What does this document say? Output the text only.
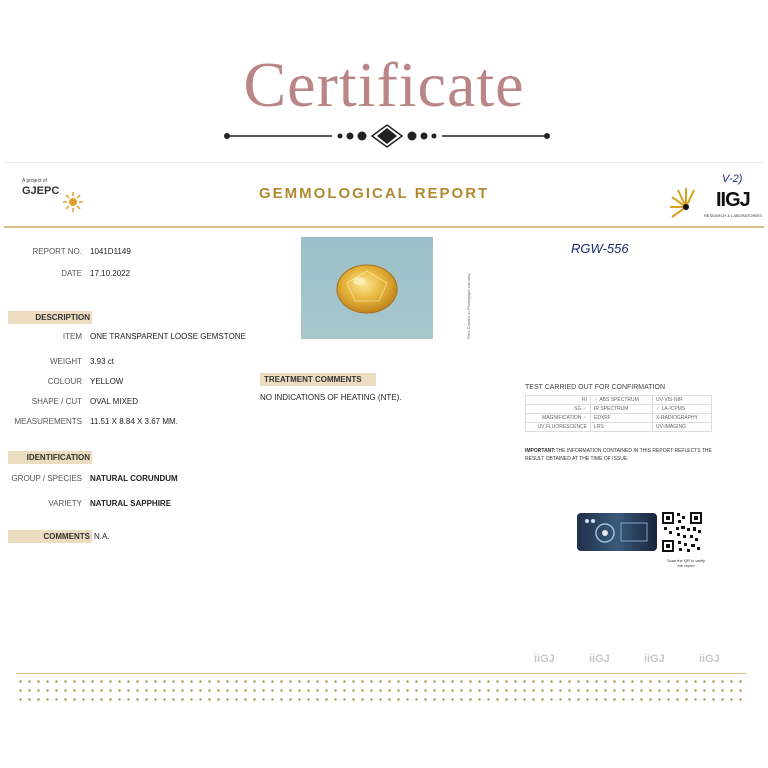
Certificate
A project of
GJEPC	GEMMOLOGICAL REPORT
V-2)
IIGJ
RESEARCH & LABORATORIES
REPORT NO. 1041D1149
DATE 17.10.2022
DESCRIPTION
ITEM ONE TRANSPARENT LOOSE GEMSTONE
WEIGHT 3.93 ct
COLOUR YELLOW
SHAPE / CUT OVAL MIXED
MEASUREMENTS 11.51 X 8.84 X 3.67 MM.
IDENTIFICATION
GROUP / SPECIES NATURAL CORUNDUM
VARIETY NATURAL SAPPHIRE
COMMENTS N.A.
Gem Colours in Photograph can vary
RGW-556
TREATMENT COMMENTS
NO INDICATIONS OF HEATING (NTE).
TEST CARRIED OUT FOR CONFIRMATION
RI	✓ ABS SPECTRUM	UV-VIS-NIR
SG ✓	IR SPECTRUM	✓ LA-ICPMS
MAGNIFICATION ✓	EDXRF	X-RADIOGRAPHY
UV FLUORESCENCE	LRS	UV-IMAGING
IMPORTANT:THE INFORMATION CONTAINED IN THIS REPORT REFLECTS THE RESULT OBTAINED AT THE TIME OF ISSUE.
Scan the QR to verify the report
iiGJ	iiGJ	iiGJ	iiGJ
